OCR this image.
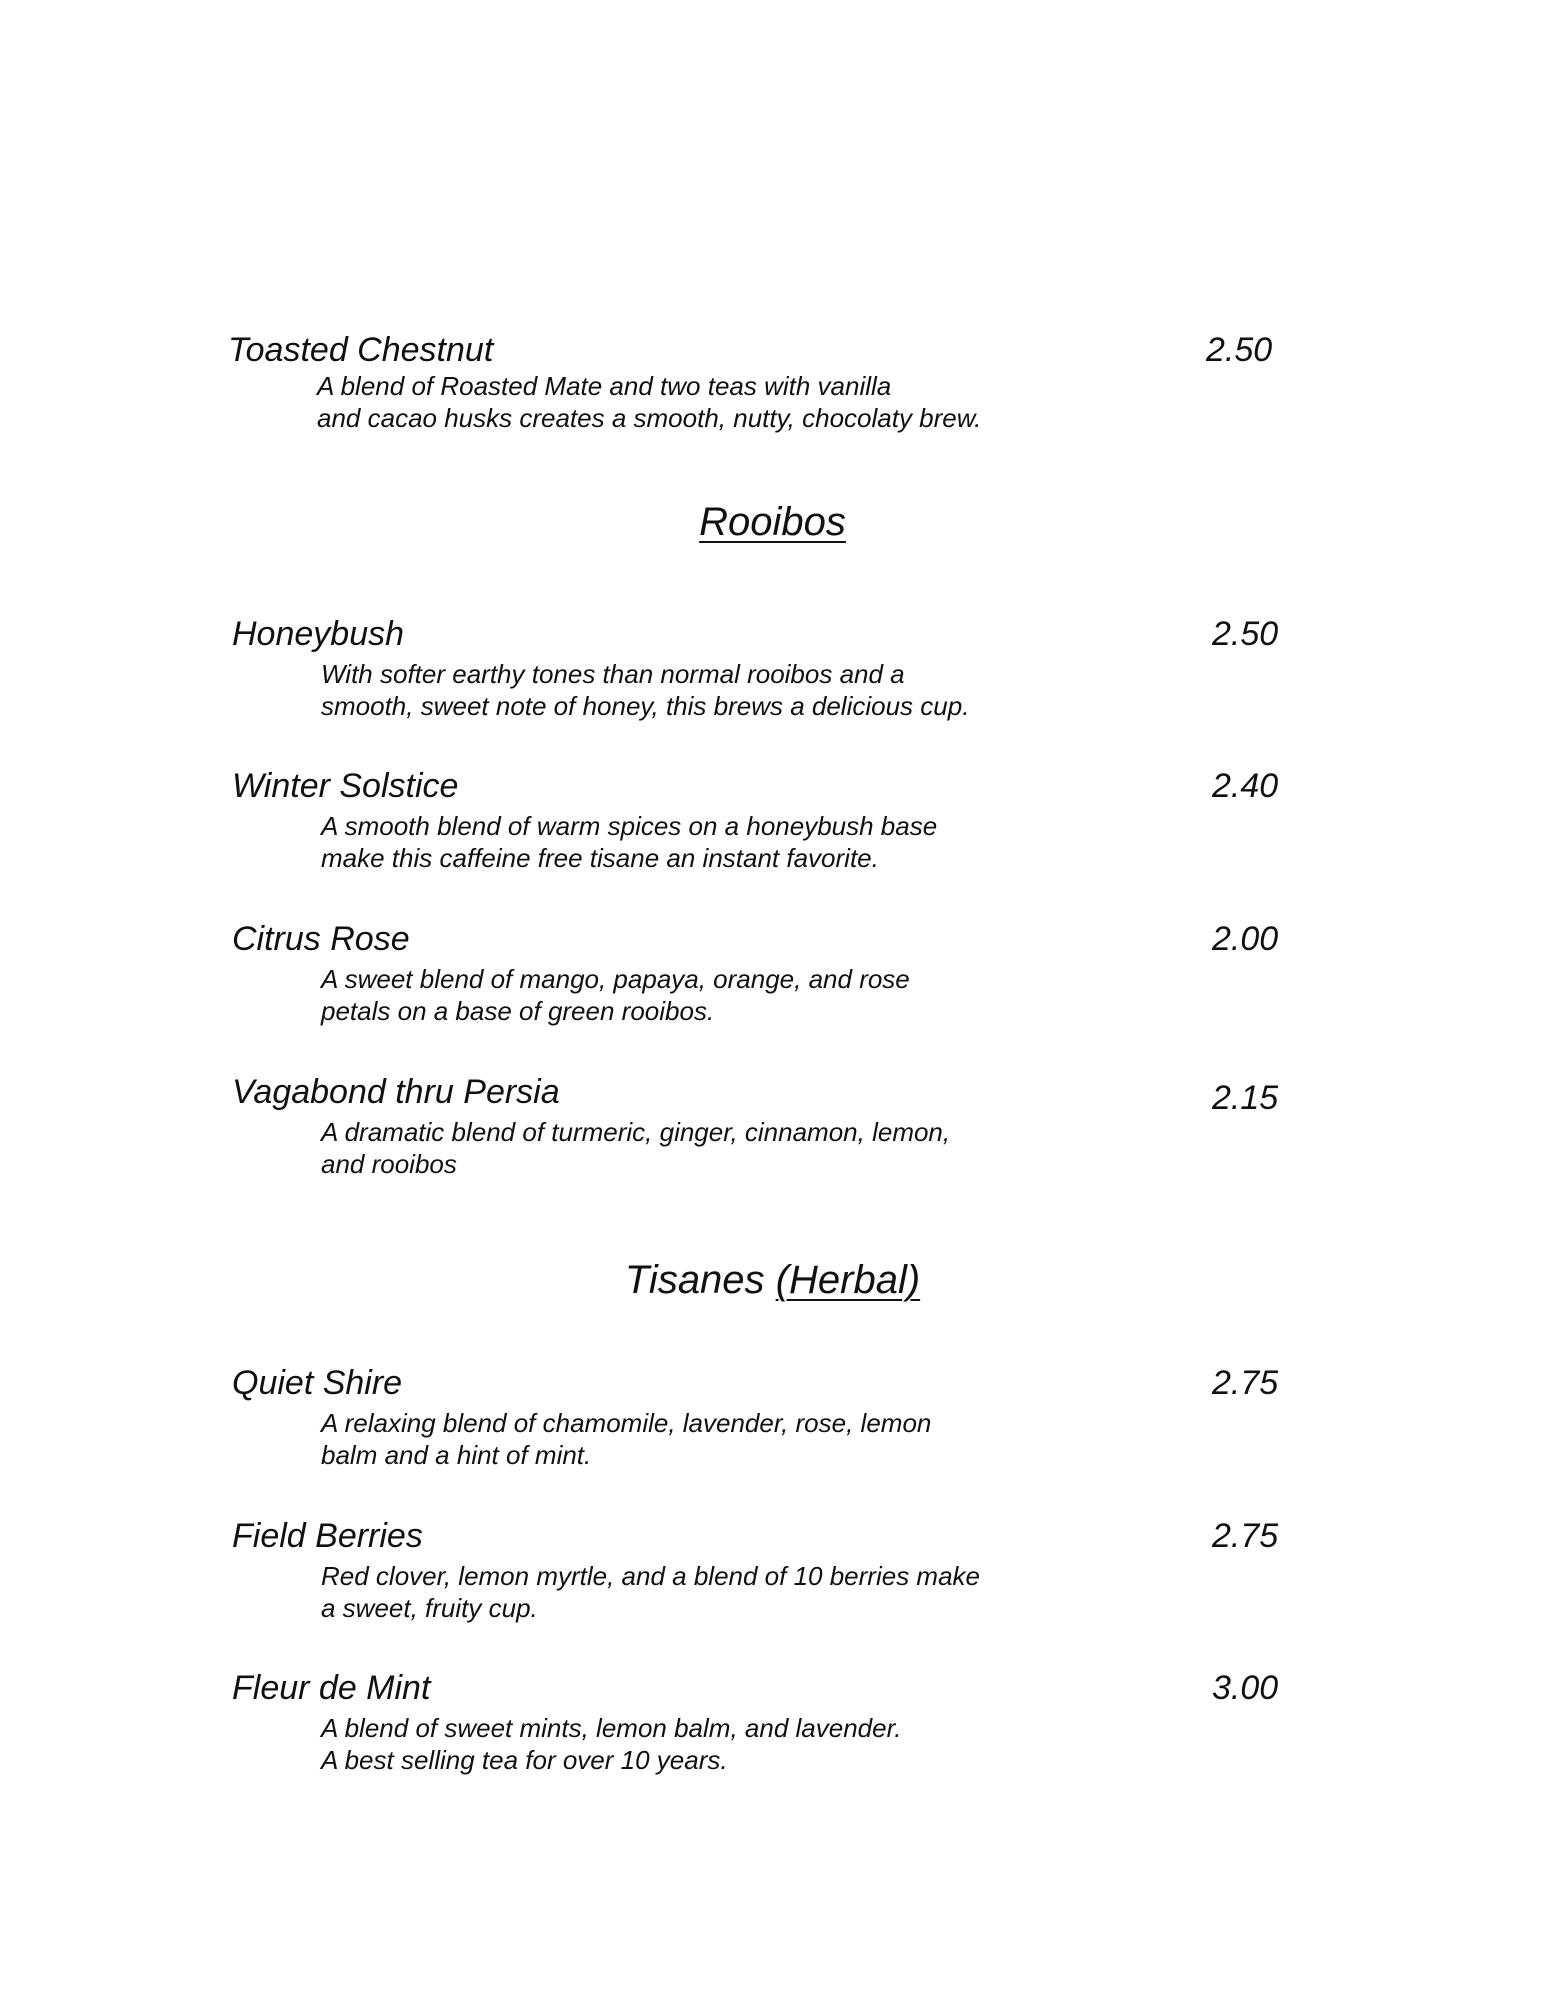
Toasted Chestnut	2.50
A blend of Roasted Mate and two teas with vanilla
and cacao husks creates a smooth, nutty, chocolaty brew.
Rooibos
Honeybush	2.50
With softer earthy tones than normal rooibos and a
smooth, sweet note of honey, this brews a delicious cup.
Winter Solstice	2.40
A smooth blend of warm spices on a honeybush base
make this caffeine free tisane an instant favorite.
Citrus Rose	2.00
A sweet blend of mango, papaya, orange, and rose
petals on a base of green rooibos.
Vagabond thru Persia	2.15
A dramatic blend of turmeric, ginger, cinnamon, lemon,
and rooibos
Tisanes (Herbal)
Quiet Shire	2.75
A relaxing blend of chamomile, lavender, rose, lemon
balm and a hint of mint.
Field Berries	2.75
Red clover, lemon myrtle, and a blend of 10 berries make
a sweet, fruity cup.
Fleur de Mint	3.00
A blend of sweet mints, lemon balm, and lavender.
A best selling tea for over 10 years.
